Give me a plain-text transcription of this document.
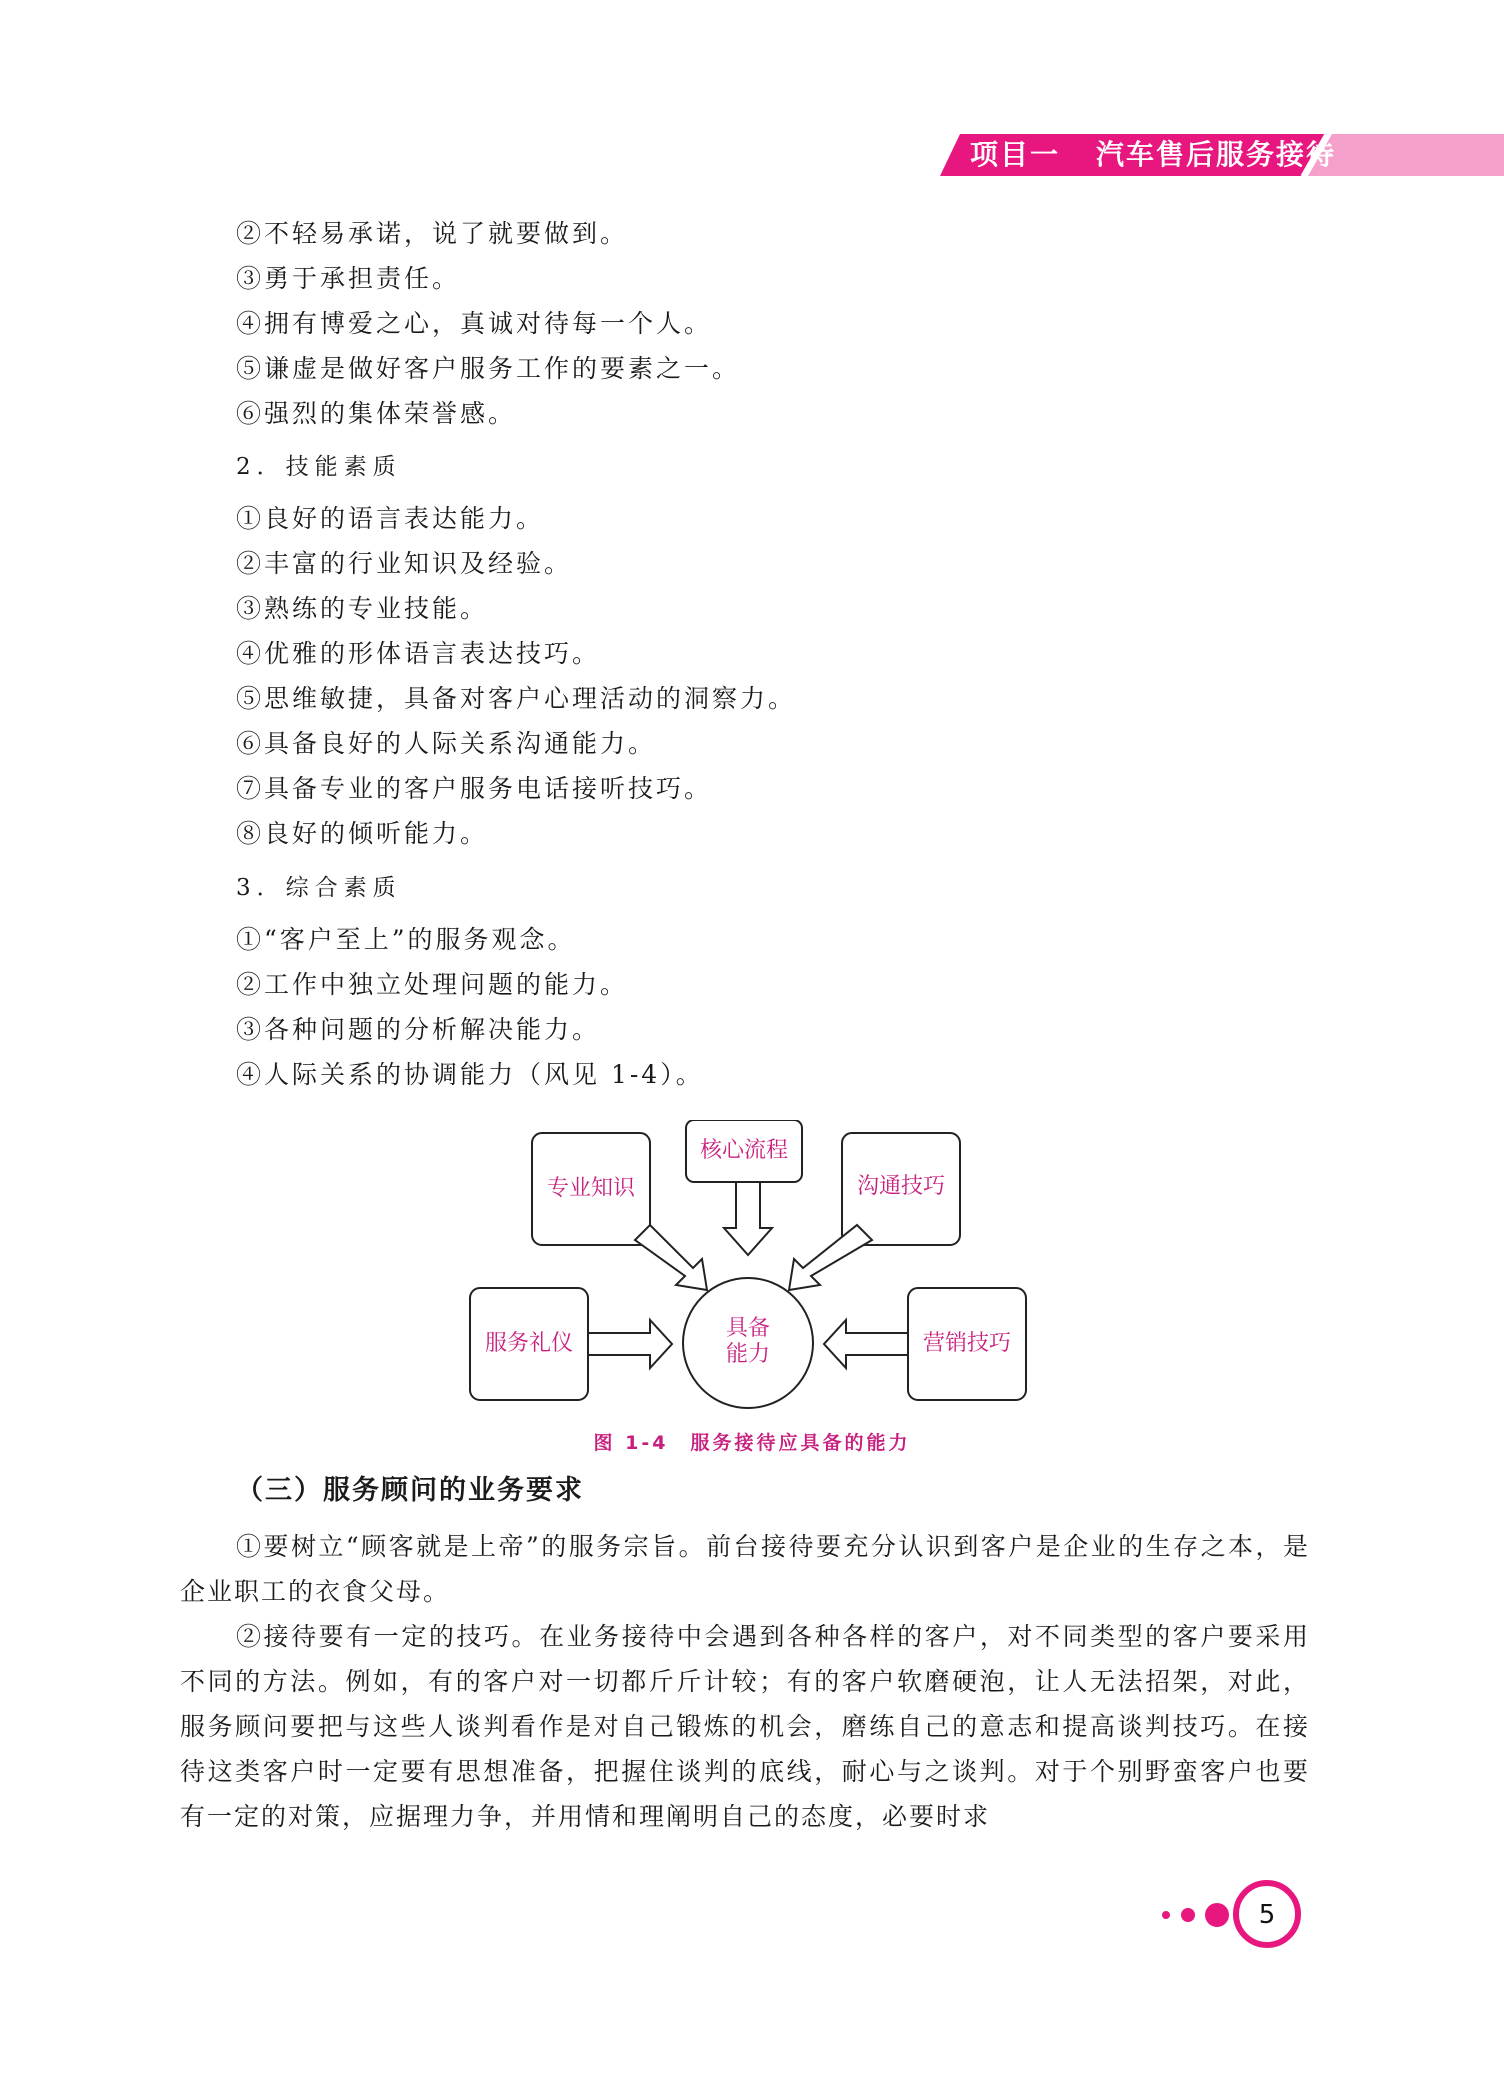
项目一 汽车售后服务接待
②不轻易承诺，说了就要做到。
③勇于承担责任。
④拥有博爱之心，真诚对待每一个人。
⑤谦虚是做好客户服务工作的要素之一。
⑥强烈的集体荣誉感。
2．技能素质
①良好的语言表达能力。
②丰富的行业知识及经验。
③熟练的专业技能。
④优雅的形体语言表达技巧。
⑤思维敏捷，具备对客户心理活动的洞察力。
⑥具备良好的人际关系沟通能力。
⑦具备专业的客户服务电话接听技巧。
⑧良好的倾听能力。
3．综合素质
①“客户至上”的服务观念。
②工作中独立处理问题的能力。
③各种问题的分析解决能力。
④人际关系的协调能力（风见 1-4）。
专业知识
核心流程
沟通技巧
服务礼仪	营销技巧
具备
能力
图 1-4　服务接待应具备的能力
（三）服务顾问的业务要求
①要树立“顾客就是上帝”的服务宗旨。前台接待要充分认识到客户是企业的生存之本，是企业职工的衣食父母。
②接待要有一定的技巧。在业务接待中会遇到各种各样的客户，对不同类型的客户要采用不同的方法。例如，有的客户对一切都斤斤计较；有的客户软磨硬泡，让人无法招架，对此，服务顾问要把与这些人谈判看作是对自己锻炼的机会，磨练自己的意志和提高谈判技巧。在接待这类客户时一定要有思想准备，把握住谈判的底线，耐心与之谈判。对于个别野蛮客户也要有一定的对策，应据理力争，并用情和理阐明自己的态度，必要时求
5
